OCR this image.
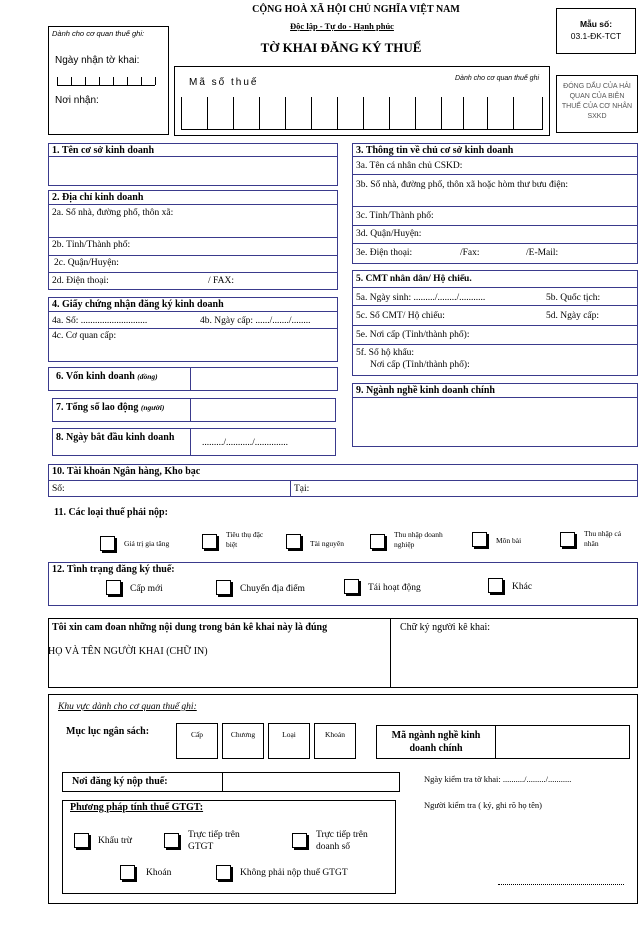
CỘNG HOÀ XÃ HỘI CHỦ NGHĨA VIỆT NAM
Độc lập - Tự do - Hạnh phúc
TỜ KHAI ĐĂNG KÝ THUẾ
Mẫu số:
03.1-ĐK-TCT
Dành cho cơ quan thuế ghi:
Ngày nhận tờ khai:
Nơi nhận:
Mã số thuế	Dành cho cơ quan thuế ghi
ĐÓNG DẤU CỦA HẢI QUAN CỦA BIÊN THUẾ CỦA CƠ NHÂN SXKD
1. Tên cơ sở kinh doanh
2. Địa chỉ kinh doanh
2a. Số nhà, đường phố, thôn xã:
2b. Tỉnh/Thành phố:
2c. Quận/Huyện:
2d. Điện thoại:	/ FAX:
4. Giấy chứng nhận đăng ký kinh doanh
4a. Số: ............................	4b. Ngày cấp: ....../......./........
4c. Cơ quan cấp:
6. Vốn kinh doanh (đồng)
7. Tổng số lao động (người)
8. Ngày bắt đầu kinh doanh	........./.........../..............
3. Thông tin về chủ cơ sở kinh doanh
3a. Tên cá nhân chủ CSKD:
3b. Số nhà, đường phố, thôn xã hoặc hòm thư bưu điện:
3c. Tỉnh/Thành phố:
3d. Quận/Huyện:
3e. Điện thoại:	/Fax:	/E-Mail:
5. CMT nhân dân/ Hộ chiếu.
5a. Ngày sinh: ........./......../...........	5b. Quốc tịch:
5c. Số CMT/ Hộ chiếu:	5d. Ngày cấp:
5e. Nơi cấp (Tỉnh/thành phố):
5f. Số hộ khẩu:
Nơi cấp (Tỉnh/thành phố):
9. Ngành nghề kinh doanh chính
10. Tài khoản Ngân hàng, Kho bạc
Số:	Tại:
11. Các loại thuế phải nộp:
Giá trị gia tăng
Tiêu thụ đặc biệt	Tài nguyên
Thu nhập doanh nghiệp	Môn bài
Thu nhập cá nhân
12. Tình trạng đăng ký thuế:
Cấp mới	Chuyển địa điểm	Tái hoạt động	Khác
Tôi xin cam đoan những nội dung trong bản kê khai này là đúng
HỌ VÀ TÊN NGƯỜI KHAI (CHỮ IN)
Chữ ký người kê khai:
Khu vực dành cho cơ quan thuế ghi:
Mục lục ngân sách:	Cấp	Chương	Loại	Khoản	Mã ngành nghề kinh doanh chính
Nơi đăng ký nộp thuế:	Ngày kiểm tra tờ khai: ........../........./...........
Người kiểm tra ( ký, ghi rõ họ tên)
Phương pháp tính thuế GTGT:
Khấu trừ
Trực tiếp trên GTGT
Trực tiếp trên doanh số
Khoán	Không phải nộp thuế GTGT
